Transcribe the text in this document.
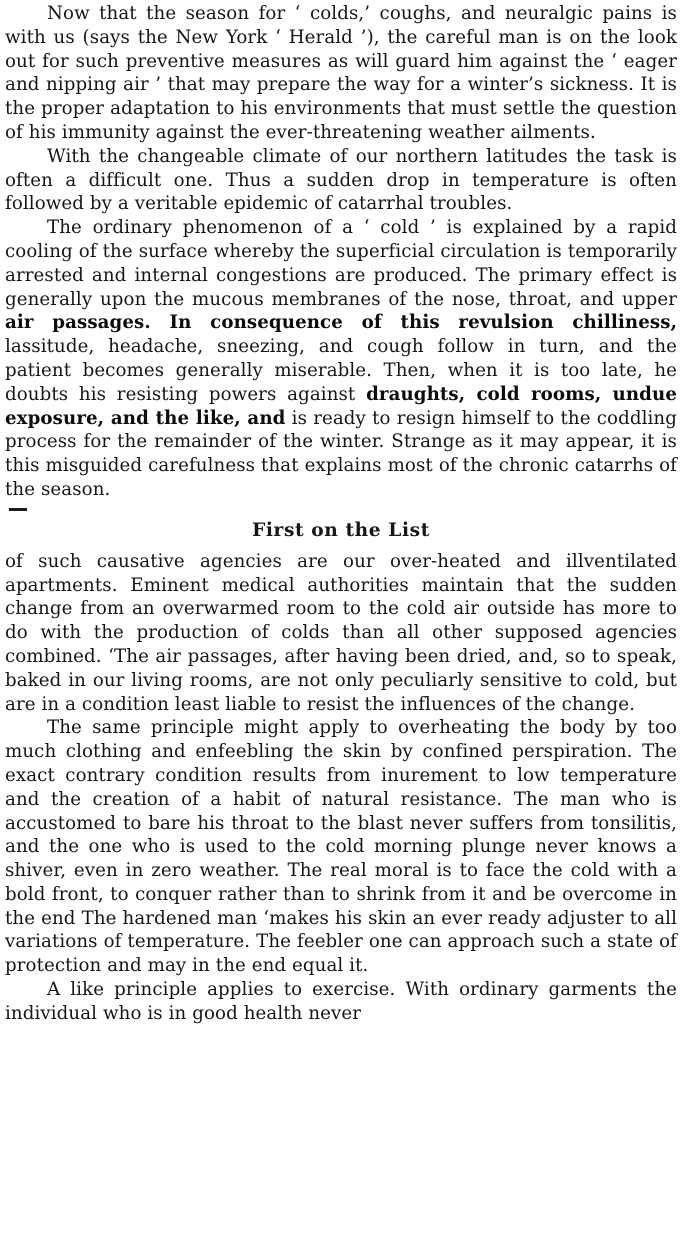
Now that the season for ‘ colds,’ coughs, and neuralgic pains is with us (says the New York ‘ Herald ’), the careful man is on the look out for such preventive measures as will guard him against the ‘ eager and nipping air ’ that may prepare the way for a winter’s sickness. It is the proper adaptation to his environments that must settle the question of his immunity against the ever-threatening weather ailments.

With the changeable climate of our northern latitudes the task is often a difficult one. Thus a sudden drop in temperature is often followed by a veritable epidemic of catarrhal troubles.

The ordinary phenomenon of a ‘ cold ’ is explained by a rapid cooling of the surface whereby the superficial circulation is temporarily arrested and internal congestions are produced. The primary effect is generally upon the mucous membranes of the nose, throat, and upper air passages. In consequence of this revulsion chilliness, lassitude, headache, sneezing, and cough follow in turn, and the patient becomes generally miserable. Then, when it is too late, he doubts his resisting powers against draughts, cold rooms, undue exposure, and the like, and is ready to resign himself to the coddling process for the remainder of the winter. Strange as it may appear, it is this misguided carefulness that explains most of the chronic catarrhs of the season.

First on the List

of such causative agencies are our over-heated and illventilated apartments. Eminent medical authorities maintain that the sudden change from an overwarmed room to the cold air outside has more to do with the production of colds than all other supposed agencies combined. ‘The air passages, after having been dried, and, so to speak, baked in our living rooms, are not only peculiarly sensitive to cold, but are in a condition least liable to resist the influences of the change.

The same principle might apply to overheating the body by too much clothing and enfeebling the skin by confined perspiration. The exact contrary condition results from inurement to low temperature and the creation of a habit of natural resistance. The man who is accustomed to bare his throat to the blast never suffers from tonsilitis, and the one who is used to the cold morning plunge never knows a shiver, even in zero weather. The real moral is to face the cold with a bold front, to conquer rather than to shrink from it and be overcome in the end The hardened man ‘makes his skin an ever ready adjuster to all variations of temperature. The feebler one can approach such a state of protection and may in the end equal it.

A like principle applies to exercise. With ordinary garments the individual who is in good health never
